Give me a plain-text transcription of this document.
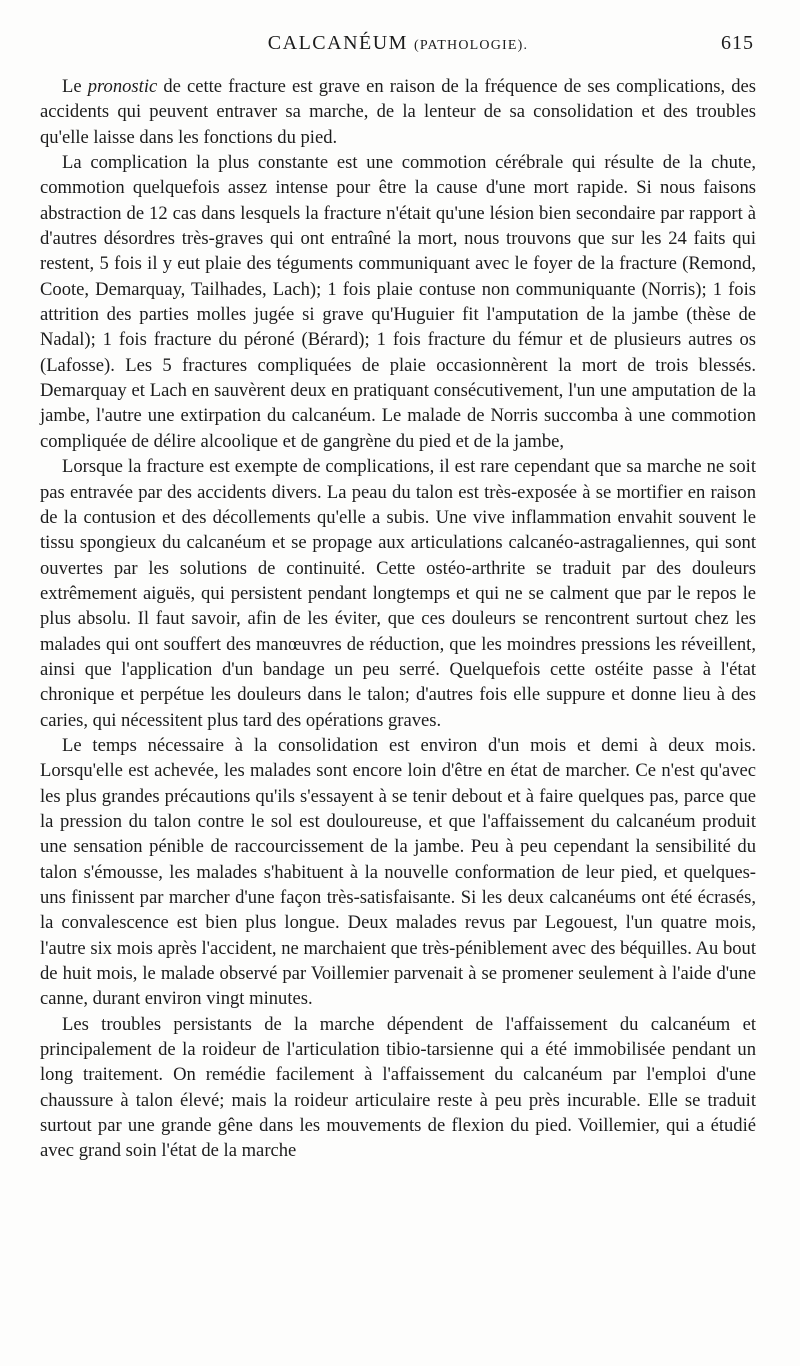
CALCANÉUM (PATHOLOGIE).	615

Le pronostic de cette fracture est grave en raison de la fréquence de ses complications, des accidents qui peuvent entraver sa marche, de la lenteur de sa consolidation et des troubles qu'elle laisse dans les fonctions du pied.

La complication la plus constante est une commotion cérébrale qui résulte de la chute, commotion quelquefois assez intense pour être la cause d'une mort rapide. Si nous faisons abstraction de 12 cas dans lesquels la fracture n'était qu'une lésion bien secondaire par rapport à d'autres désordres très-graves qui ont entraîné la mort, nous trouvons que sur les 24 faits qui restent, 5 fois il y eut plaie des téguments communiquant avec le foyer de la fracture (Remond, Coote, Demarquay, Tailhades, Lach); 1 fois plaie contuse non communiquante (Norris); 1 fois attrition des parties molles jugée si grave qu'Huguier fit l'amputation de la jambe (thèse de Nadal); 1 fois fracture du péroné (Bérard); 1 fois fracture du fémur et de plusieurs autres os (Lafosse). Les 5 fractures compliquées de plaie occasionnèrent la mort de trois blessés. Demarquay et Lach en sauvèrent deux en pratiquant consécutivement, l'un une amputation de la jambe, l'autre une extirpation du calcanéum. Le malade de Norris succomba à une commotion compliquée de délire alcoolique et de gangrène du pied et de la jambe,

Lorsque la fracture est exempte de complications, il est rare cependant que sa marche ne soit pas entravée par des accidents divers. La peau du talon est très-exposée à se mortifier en raison de la contusion et des décollements qu'elle a subis. Une vive inflammation envahit souvent le tissu spongieux du calcanéum et se propage aux articulations calcanéo-astragaliennes, qui sont ouvertes par les solutions de continuité. Cette ostéo-arthrite se traduit par des douleurs extrêmement aiguës, qui persistent pendant longtemps et qui ne se calment que par le repos le plus absolu. Il faut savoir, afin de les éviter, que ces douleurs se rencontrent surtout chez les malades qui ont souffert des manœuvres de réduction, que les moindres pressions les réveillent, ainsi que l'application d'un bandage un peu serré. Quelquefois cette ostéite passe à l'état chronique et perpétue les douleurs dans le talon; d'autres fois elle suppure et donne lieu à des caries, qui nécessitent plus tard des opérations graves.

Le temps nécessaire à la consolidation est environ d'un mois et demi à deux mois. Lorsqu'elle est achevée, les malades sont encore loin d'être en état de marcher. Ce n'est qu'avec les plus grandes précautions qu'ils s'essayent à se tenir debout et à faire quelques pas, parce que la pression du talon contre le sol est douloureuse, et que l'affaissement du calcanéum produit une sensation pénible de raccourcissement de la jambe. Peu à peu cependant la sensibilité du talon s'émousse, les malades s'habituent à la nouvelle conformation de leur pied, et quelques-uns finissent par marcher d'une façon très-satisfaisante. Si les deux calcanéums ont été écrasés, la convalescence est bien plus longue. Deux malades revus par Legouest, l'un quatre mois, l'autre six mois après l'accident, ne marchaient que très-péniblement avec des béquilles. Au bout de huit mois, le malade observé par Voillemier parvenait à se promener seulement à l'aide d'une canne, durant environ vingt minutes.

Les troubles persistants de la marche dépendent de l'affaissement du calcanéum et principalement de la roideur de l'articulation tibio-tarsienne qui a été immobilisée pendant un long traitement. On remédie facilement à l'affaissement du calcanéum par l'emploi d'une chaussure à talon élevé; mais la roideur articulaire reste à peu près incurable. Elle se traduit surtout par une grande gêne dans les mouvements de flexion du pied. Voillemier, qui a étudié avec grand soin l'état de la marche
